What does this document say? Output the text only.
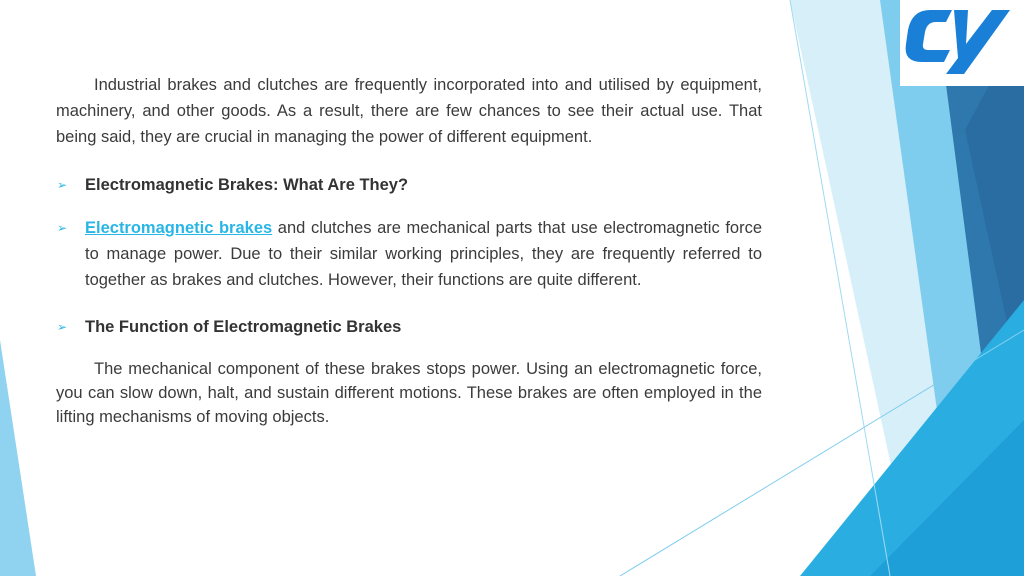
Industrial brakes and clutches are frequently incorporated into and utilised by equipment, machinery, and other goods. As a result, there are few chances to see their actual use. That being said, they are crucial in managing the power of different equipment.

➢ Electromagnetic Brakes: What Are They?

➢ Electromagnetic brakes and clutches are mechanical parts that use electromagnetic force to manage power. Due to their similar working principles, they are frequently referred to together as brakes and clutches. However, their functions are quite different.

➢ The Function of Electromagnetic Brakes

The mechanical component of these brakes stops power. Using an electromagnetic force, you can slow down, halt, and sustain different motions. These brakes are often employed in the lifting mechanisms of moving objects.
